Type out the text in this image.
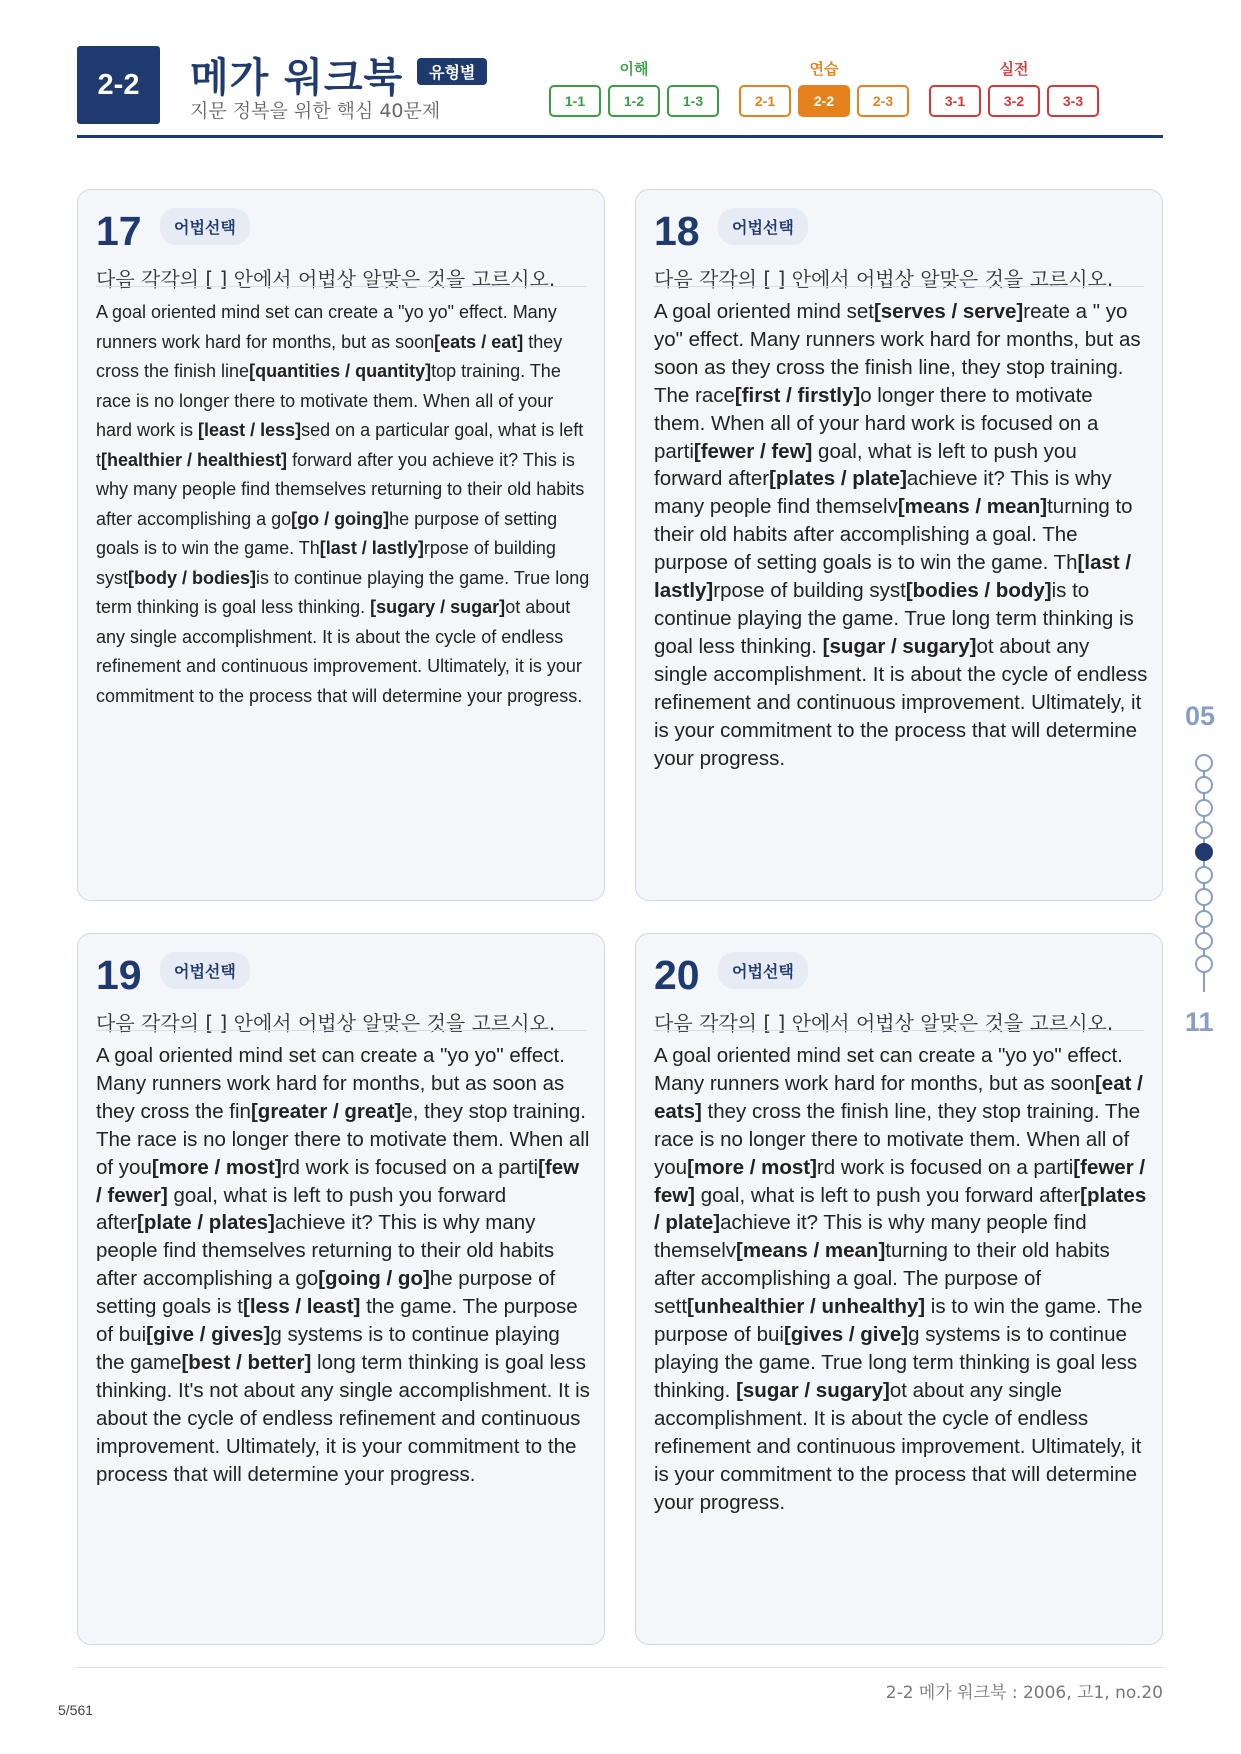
2-2	메가 워크북	유형별
지문 정복을 위한 핵심 40문제
이해
1-1	1-2	1-3
연습
2-1	2-2	2-3
실전
3-1	3-2	3-3
17	어법선택
다음 각각의 [ ] 안에서 어법상 알맞은 것을 고르시오.
A goal oriented mind set can create a "yo yo" effect. Many runners work hard for months, but as soon[eats / eat] they cross the finish line[quantities / quantity]top training. The race is no longer there to motivate them. When all of your hard work is [least / less]sed on a particular goal, what is left t[healthier / healthiest] forward after you achieve it? This is why many people find themselves returning to their old habits after accomplishing a go[go / going]he purpose of setting goals is to win the game. Th[last / lastly]rpose of building syst[body / bodies]is to continue playing the game. True long term thinking is goal less thinking. [sugary / sugar]ot about any single accomplishment. It is about the cycle of endless refinement and continuous improvement. Ultimately, it is your commitment to the process that will determine your progress.
18	어법선택
다음 각각의 [ ] 안에서 어법상 알맞은 것을 고르시오.
A goal oriented mind set[serves / serve]reate a " yo yo" effect. Many runners work hard for months, but as soon as they cross the finish line, they stop training. The race[first / firstly]o longer there to motivate them. When all of your hard work is focused on a parti[fewer / few] goal, what is left to push you forward after[plates / plate]achieve it? This is why many people find themselv[means / mean]turning to their old habits after accomplishing a goal. The purpose of setting goals is to win the game. Th[last / lastly]rpose of building syst[bodies / body]is to continue playing the game. True long term thinking is goal less thinking. [sugar / sugary]ot about any single accomplishment. It is about the cycle of endless refinement and continuous improvement. Ultimately, it is your commitment to the process that will determine your progress.
19	어법선택
다음 각각의 [ ] 안에서 어법상 알맞은 것을 고르시오.
A goal oriented mind set can create a "yo yo" effect. Many runners work hard for months, but as soon as they cross the fin[greater / great]e, they stop training. The race is no longer there to motivate them. When all of you[more / most]rd work is focused on a parti[few / fewer] goal, what is left to push you forward after[plate / plates]achieve it? This is why many people find themselves returning to their old habits after accomplishing a go[going / go]he purpose of setting goals is t[less / least] the game. The purpose of bui[give / gives]g systems is to continue playing the game[best / better] long term thinking is goal less thinking. It's not about any single accomplishment. It is about the cycle of endless refinement and continuous improvement. Ultimately, it is your commitment to the process that will determine your progress.
20	어법선택
다음 각각의 [ ] 안에서 어법상 알맞은 것을 고르시오.
A goal oriented mind set can create a "yo yo" effect. Many runners work hard for months, but as soon[eat / eats] they cross the finish line, they stop training. The race is no longer there to motivate them. When all of you[more / most]rd work is focused on a parti[fewer / few] goal, what is left to push you forward after[plates / plate]achieve it? This is why many people find themselv[means / mean]turning to their old habits after accomplishing a goal. The purpose of sett[unhealthier / unhealthy] is to win the game. The purpose of bui[gives / give]g systems is to continue playing the game. True long term thinking is goal less thinking. [sugar / sugary]ot about any single accomplishment. It is about the cycle of endless refinement and continuous improvement. Ultimately, it is your commitment to the process that will determine your progress.
05
11
2-2 메가 워크북 : 2006, 고1, no.20
5/561
